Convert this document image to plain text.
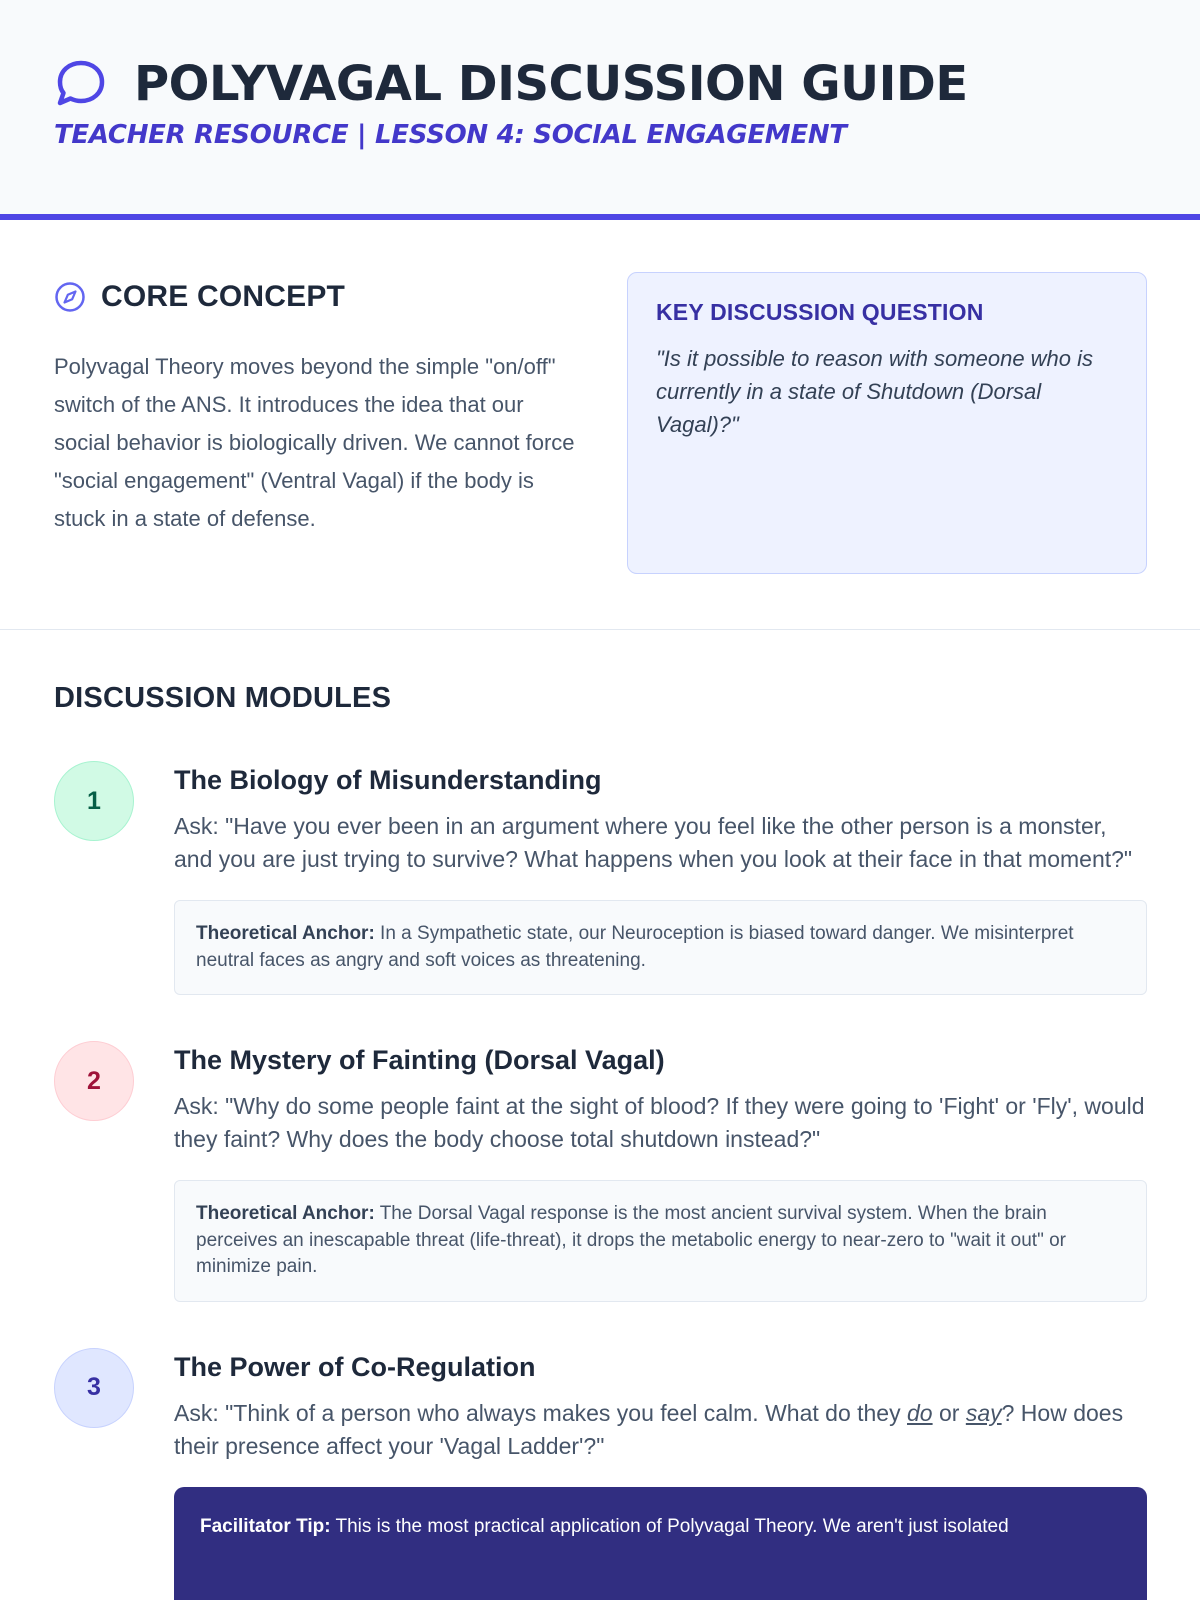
POLYVAGAL DISCUSSION GUIDE
TEACHER RESOURCE | LESSON 4: SOCIAL ENGAGEMENT
CORE CONCEPT

Polyvagal Theory moves beyond the simple "on/off" switch of the ANS. It introduces the idea that our social behavior is biologically driven. We cannot force "social engagement" (Ventral Vagal) if the body is stuck in a state of defense.

KEY DISCUSSION QUESTION

"Is it possible to reason with someone who is currently in a state of Shutdown (Dorsal Vagal)?"

DISCUSSION MODULES
1
The Biology of Misunderstanding

Ask: "Have you ever been in an argument where you feel like the other person is a monster, and you are just trying to survive? What happens when you look at their face in that moment?"

Theoretical Anchor: In a Sympathetic state, our Neuroception is biased toward danger. We misinterpret neutral faces as angry and soft voices as threatening.
2
The Mystery of Fainting (Dorsal Vagal)

Ask: "Why do some people faint at the sight of blood? If they were going to 'Fight' or 'Fly', would they faint? Why does the body choose total shutdown instead?"

Theoretical Anchor: The Dorsal Vagal response is the most ancient survival system. When the brain perceives an inescapable threat (life-threat), it drops the metabolic energy to near-zero to "wait it out" or minimize pain.
3
The Power of Co-Regulation

Ask: "Think of a person who always makes you feel calm. What do they do or say? How does their presence affect your 'Vagal Ladder'?"

Facilitator Tip: This is the most practical application of Polyvagal Theory. We aren't just isolated
